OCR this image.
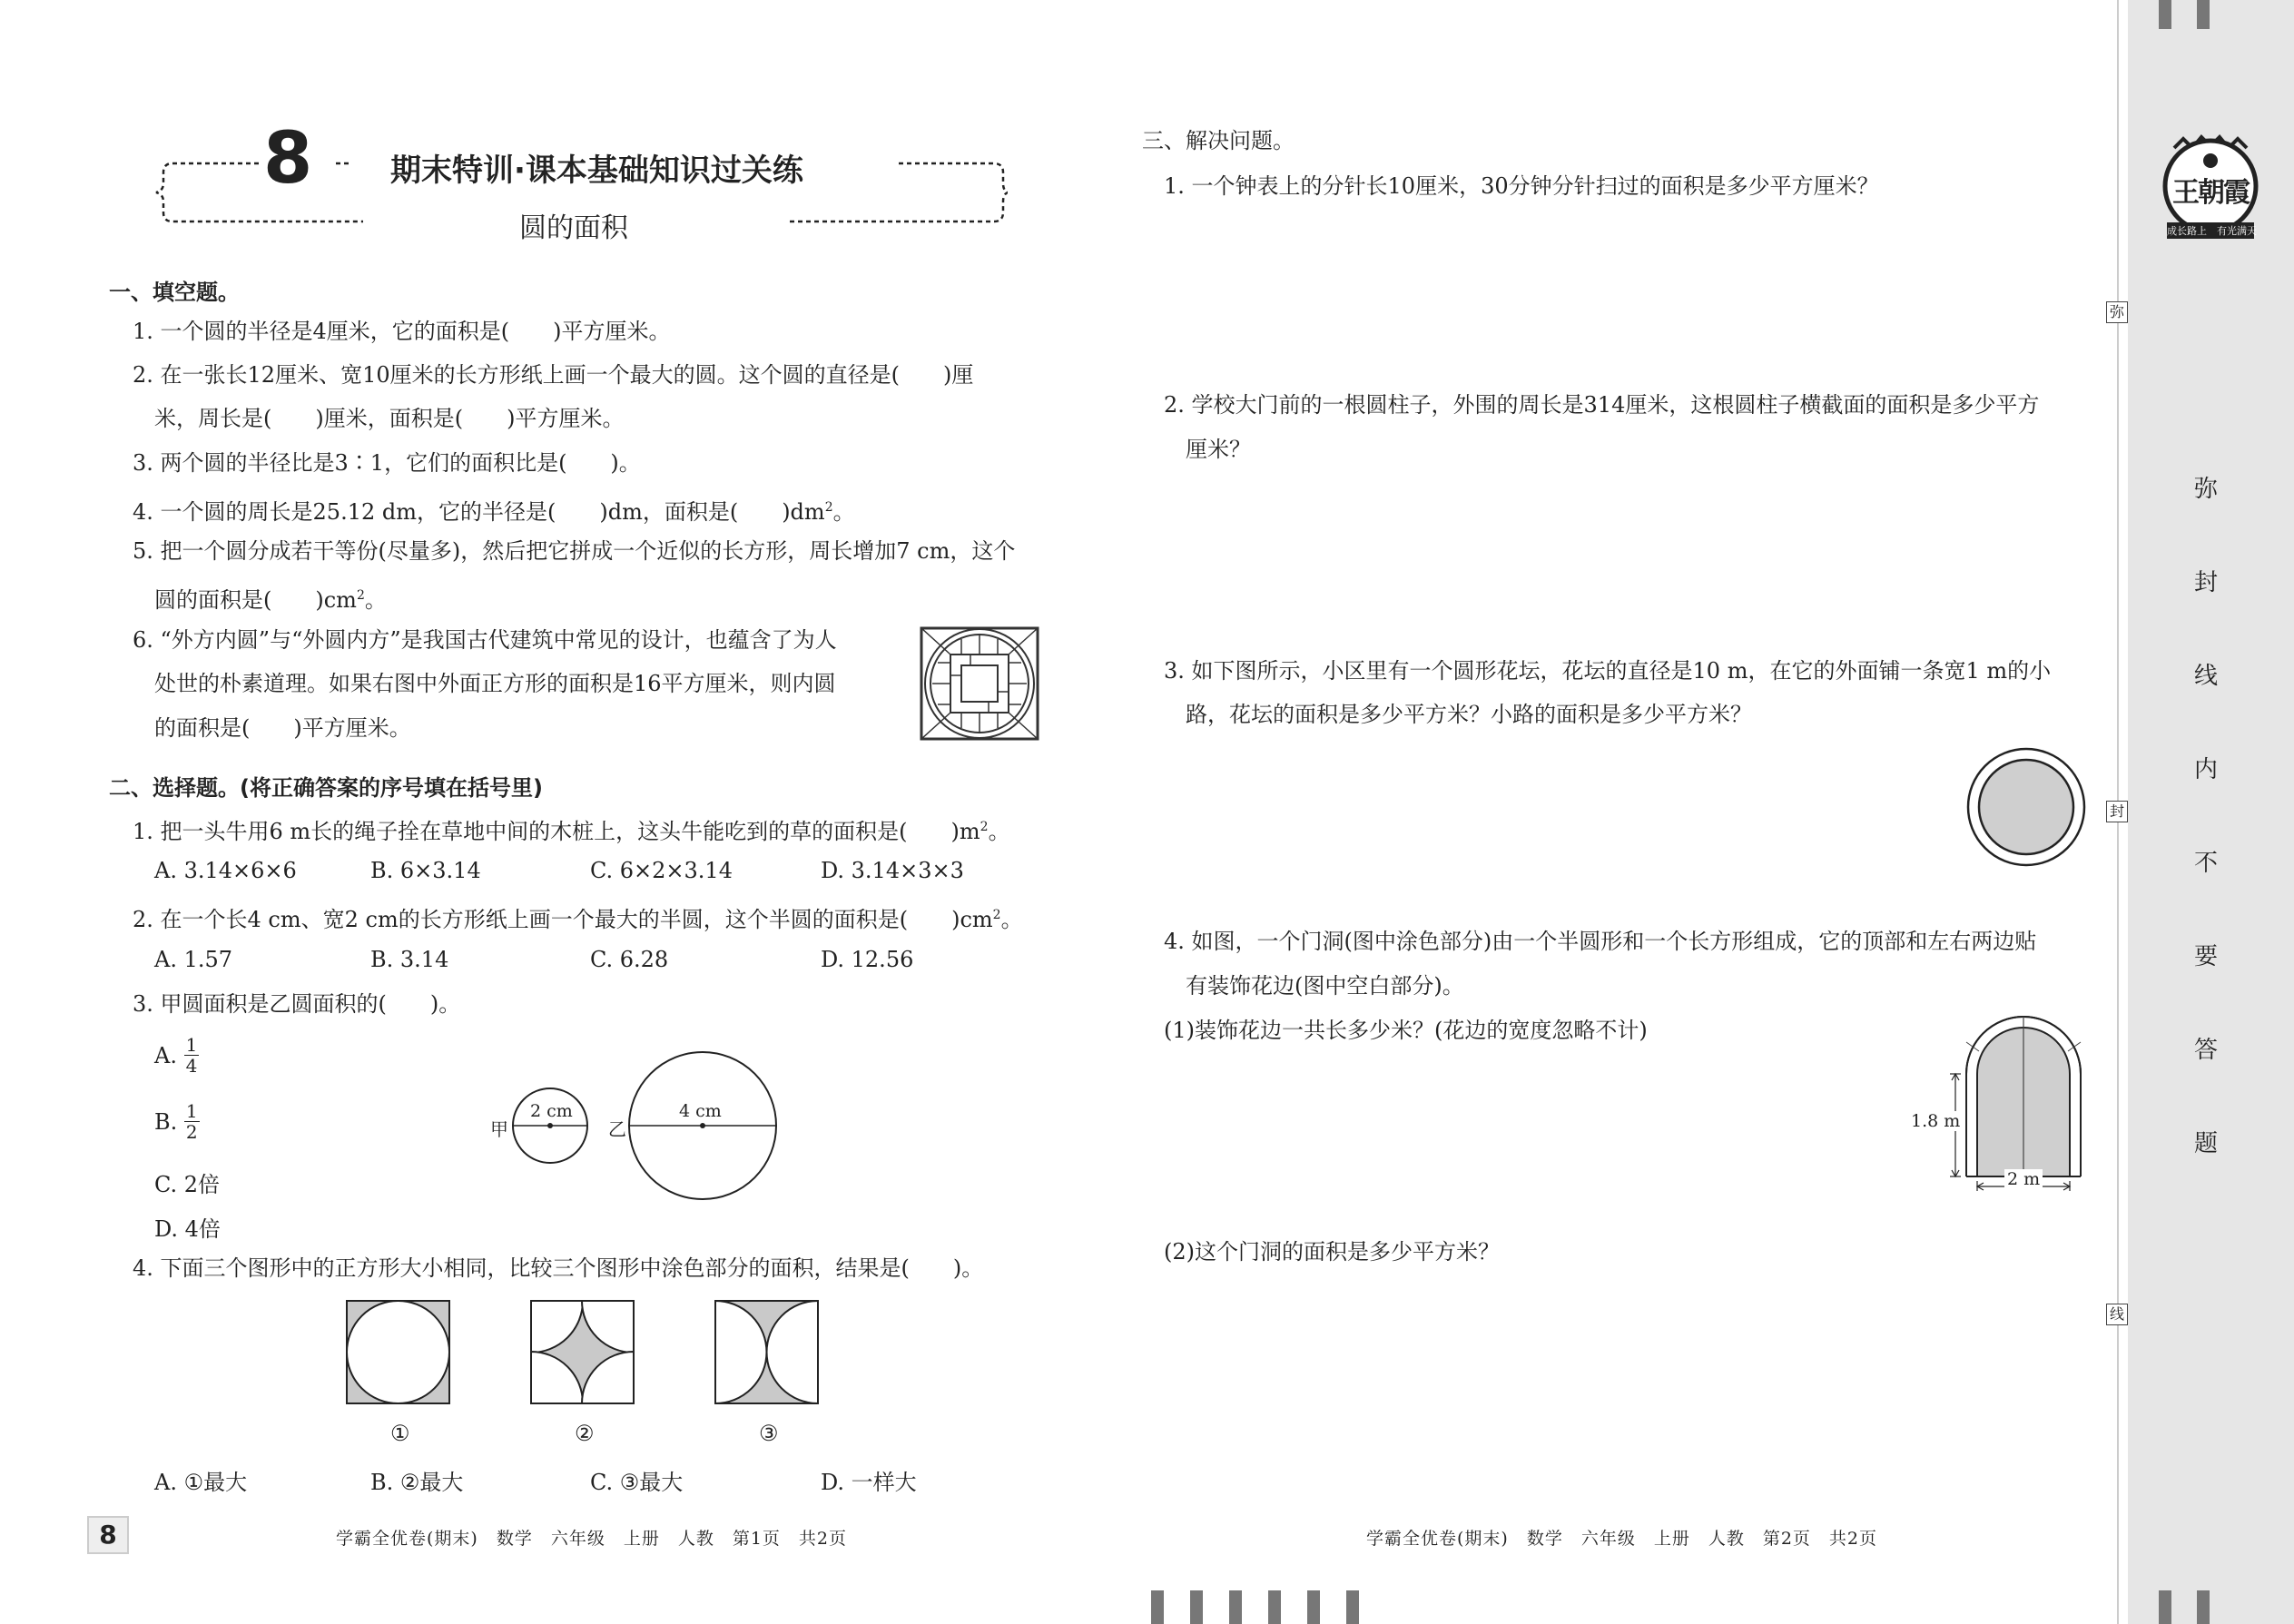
8	期末特训·课本基础知识过关练
圆的面积
一、填空题。
1. 一个圆的半径是4厘米，它的面积是(　　)平方厘米。
2. 在一张长12厘米、宽10厘米的长方形纸上画一个最大的圆。这个圆的直径是(　　)厘
米，周长是(　　)厘米，面积是(　　)平方厘米。
3. 两个圆的半径比是3∶1，它们的面积比是(　　)。
4. 一个圆的周长是25.12 dm，它的半径是(　　)dm，面积是(　　)$dm^2$。
5. 把一个圆分成若干等份(尽量多)，然后把它拼成一个近似的长方形，周长增加7 cm，这个
圆的面积是(　　)$cm^2$。
6. “外方内圆”与“外圆内方”是我国古代建筑中常见的设计，也蕴含了为人
处世的朴素道理。如果右图中外面正方形的面积是16平方厘米，则内圆
的面积是(　　)平方厘米。
二、选择题。(将正确答案的序号填在括号里)
1. 把一头牛用6 m长的绳子拴在草地中间的木桩上，这头牛能吃到的草的面积是(　　)$m^2$。
A. 3.14×6×6	B. 6×3.14	C. 6×2×3.14	D. 3.14×3×3
2. 在一个长4 cm、宽2 cm的长方形纸上画一个最大的半圆，这个半圆的面积是(　　)$cm^2$。
A. 1.57	B. 3.14	C. 6.28	D. 12.56
3. 甲圆面积是乙圆面积的(　　)。
A. $\frac{1}{4}$
B. $\frac{1}{2}$
C. 2倍
D. 4倍
甲
2 cm
乙
4 cm
4. 下面三个图形中的正方形大小相同，比较三个图形中涂色部分的面积，结果是(　　)。
①	②	③
A. ①最大	B. ②最大	C. ③最大	D. 一样大
8	学霸全优卷(期末)　数学　六年级　上册　人教　第1页　共2页
三、解决问题。
1. 一个钟表上的分针长10厘米，30分钟分针扫过的面积是多少平方厘米？
2. 学校大门前的一根圆柱子，外围的周长是314厘米，这根圆柱子横截面的面积是多少平方
厘米？
3. 如下图所示，小区里有一个圆形花坛，花坛的直径是10 m，在它的外面铺一条宽1 m的小
路，花坛的面积是多少平方米？小路的面积是多少平方米？
4. 如图，一个门洞(图中涂色部分)由一个半圆形和一个长方形组成，它的顶部和左右两边贴
有装饰花边(图中空白部分)。
(1)装饰花边一共长多少米？(花边的宽度忽略不计)
(2)这个门洞的面积是多少平方米？
1.8 m
2 m
学霸全优卷(期末)　数学　六年级　上册　人教　第2页　共2页
王朝霞
成长路上　有光满天
弥
封
线
内
不
要
答
题
弥
封
线
